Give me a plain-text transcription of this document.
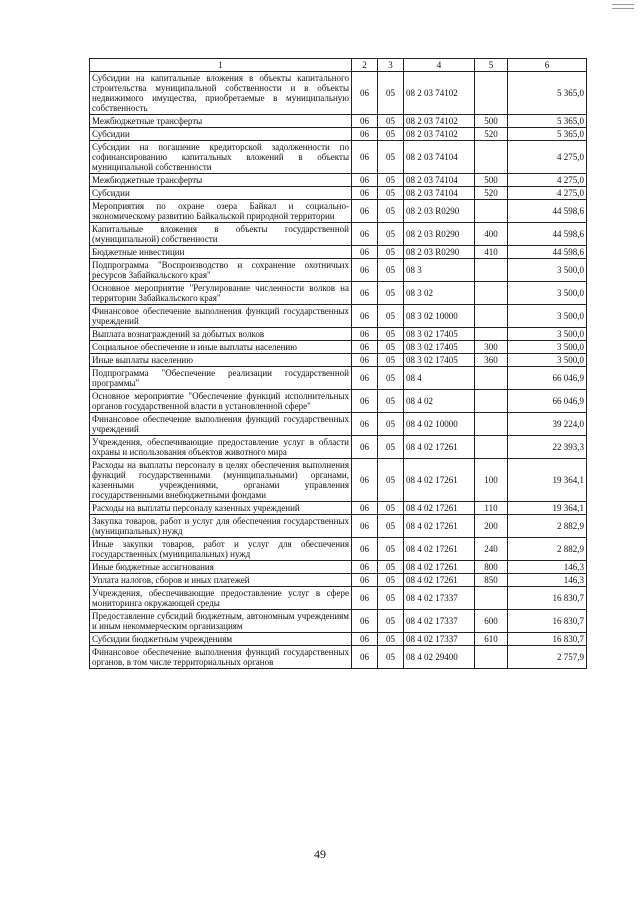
1	2	3	4	5	6
Субсидии на капитальные вложения в объекты капитального строительства муниципальной собственности и в объекты недвижимого имущества, приобретаемые в муниципальную собственность	06	05	08 2 03 74102		5 365,0
Межбюджетные трансферты	06	05	08 2 03 74102	500	5 365,0
Субсидии	06	05	08 2 03 74102	520	5 365,0
Субсидии на погашение кредиторской задолженности по софинансированию капитальных вложений в объекты муниципальной собственности	06	05	08 2 03 74104		4 275,0
Межбюджетные трансферты	06	05	08 2 03 74104	500	4 275,0
Субсидии	06	05	08 2 03 74104	520	4 275,0
Мероприятия по охране озера Байкал и социально-экономическому развитию Байкальской природной территории	06	05	08 2 03 R0290		44 598,6
Капитальные вложения в объекты государственной (муниципальной) собственности	06	05	08 2 03 R0290	400	44 598,6
Бюджетные инвестиции	06	05	08 2 03 R0290	410	44 598,6
Подпрограмма "Воспроизводство и сохранение охотничьих ресурсов Забайкальского края"	06	05	08 3		3 500,0
Основное мероприятие "Регулирование численности волков на территории Забайкальского края"	06	05	08 3 02		3 500,0
Финансовое обеспечение выполнения функций государственных учреждений	06	05	08 3 02 10000		3 500,0
Выплата вознаграждений за добытых волков	06	05	08 3 02 17405		3 500,0
Социальное обеспечение и иные выплаты населению	06	05	08 3 02 17405	300	3 500,0
Иные выплаты населению	06	05	08 3 02 17405	360	3 500,0
Подпрограмма "Обеспечение реализации государственной программы"	06	05	08 4		66 046,9
Основное мероприятие "Обеспечение функций исполнительных органов государственной власти в установленной сфере"	06	05	08 4 02		66 046,9
Финансовое обеспечение выполнения функций государственных учреждений	06	05	08 4 02 10000		39 224,0
Учреждения, обеспечивающие предоставление услуг в области охраны и использования объектов животного мира	06	05	08 4 02 17261		22 393,3
Расходы на выплаты персоналу в целях обеспечения выполнения функций государственными (муниципальными) органами, казенными учреждениями, органами управления государственными внебюджетными фондами	06	05	08 4 02 17261	100	19 364,1
Расходы на выплаты персоналу казенных учреждений	06	05	08 4 02 17261	110	19 364,1
Закупка товаров, работ и услуг для обеспечения государственных (муниципальных) нужд	06	05	08 4 02 17261	200	2 882,9
Иные закупки товаров, работ и услуг для обеспечения государственных (муниципальных) нужд	06	05	08 4 02 17261	240	2 882,9
Иные бюджетные ассигнования	06	05	08 4 02 17261	800	146,3
Уплата налогов, сборов и иных платежей	06	05	08 4 02 17261	850	146,3
Учреждения, обеспечивающие предоставление услуг в сфере мониторинга окружающей среды	06	05	08 4 02 17337		16 830,7
Предоставление субсидий бюджетным, автономным учреждениям и иным некоммерческим организациям	06	05	08 4 02 17337	600	16 830,7
Субсидии бюджетным учреждениям	06	05	08 4 02 17337	610	16 830,7
Финансовое обеспечение выполнения функций государственных органов, в том числе территориальных органов	06	05	08 4 02 29400		2 757,9
49
